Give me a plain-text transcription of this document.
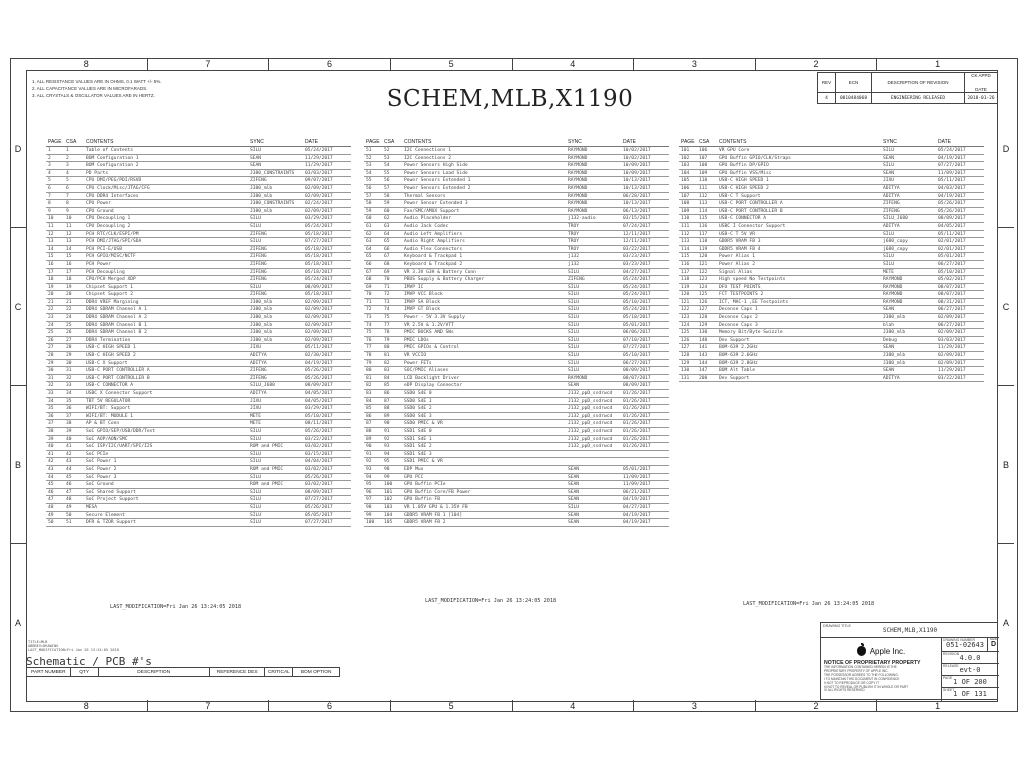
8	7	6	5	4	3	2	1
8	7	6	5	4	3	2	1
D
C
B
A
D
C
B
A
1. ALL RESISTANCE VALUES ARE IN OHMS, 0.1 WATT +/- 5%.
2. ALL CAPACITANCE VALUES ARE IN MICROFARADS.
3. ALL CRYSTALS & OSCILLATOR VALUES ARE IN HERTZ.	SCHEM,MLB,X1190
REV	ECN	DESCRIPTION OF REVISION
CK APPD
DATE
4	0010484068	ENGINEERING RELEASED	2018-01-26
PAGE CSA	CONTENTS	SYNC	DATE
1	1	Table of Contents	SILU	05/24/2017
2	2	BOM Configuration 1	SEAN	11/29/2017
3	3	BOM Configuration 2	SEAN	11/29/2017
4	4	PD Parts	J380_CONSTRAINTS	03/03/2017
5	5	CPU DMI/PEG/PDI/RSVD	ZIFENG	09/07/2017
6	6	CPU Clock/Misc/JTAG/CFG	J380_mlb	02/09/2017
7	7	CPU DDR4 Interfaces	J380_mlb	02/09/2017
8	8	CPU Power	J380_CONSTRAINTS	02/24/2017
9	9	CPU Ground	J380_mlb	02/09/2017
10	10	CPU Decoupling 1	SILU	03/29/2017
11	11	CPU Decoupling 2	SILU	05/24/2017
12	12	PCH RTC/CLK/ESPI/PM	ZIFENG	05/18/2017
13	13	PCH DMI/JTAG/SPI/SDA	SILU	07/27/2017
14	14	PCH PCI-E/USB	ZIFENG	05/18/2017
15	15	PCH GPIO/MISC/NCTF	ZIFENG	05/18/2017
16	16	PCH Power	ZIFENG	05/18/2017
17	17	PCH Decoupling	ZIFENG	05/18/2017
18	18	CPU/PCH Merged XDP	ZIFENG	05/24/2017
19	19	Chipset Support 1	SILU	08/09/2017
20	20	Chipset Support 2	ZIFENG	05/18/2017
21	21	DDR4 VREF Margining	J380_mlb	02/09/2017
22	22	DDR4 SDRAM Channel A 1	J380_mlb	02/09/2017
23	24	DDR4 SDRAM Channel A 2	J380_mlb	02/09/2017
24	25	DDR4 SDRAM Channel B 1	J380_mlb	02/09/2017
25	26	DDR4 SDRAM Channel B 2	J380_mlb	02/09/2017
26	27	DDR4 Termination	J380_mlb	02/09/2017
27	28	USB-C HIGH SPEED 1	JIXU	05/11/2017
28	29	USB-C HIGH SPEED 2	ADITYA	02/30/2017
29	30	USB-C X Support	ADITYA	04/19/2017
30	31	USB-C PORT CONTROLLER A	ZIFENG	05/26/2017
31	32	USB-C PORT CONTROLLER B	ZIFENG	05/26/2017
32	33	USB-C CONNECTOR A	SILU_J680	08/09/2017
33	34	USBC X Connector Support	ADITYA	04/05/2017
34	35	TBT 5V REGULATOR	JIXU	04/05/2017
35	36	WIFI/BT: Support	JIXU	03/29/2017
36	37	WIFI/BT: MODULE 1	METE	05/10/2017
37	38	AP & BT Conn	METE	08/11/2017
38	39	SoC GPIO/SEP/USB/DDR/Test	SILU	05/26/2017
39	40	SoC AOP/AON/SMC	SILU	03/22/2017
40	41	SoC ISP/I2C/UART/SPI/I2S	ROM and PMIC	03/02/2017
41	42	SoC PCIe	SILU	03/15/2017
42	43	SoC Power 1	SILU	04/04/2017
43	44	SoC Power 2	ROM and PMIC	03/02/2017
44	45	SoC Power 3	SILU	05/26/2017
45	46	SoC Ground	ROM and PMIC	03/02/2017
46	47	SoC Shared Support	SILU	08/09/2017
47	48	SoC Project Support	SILU	07/27/2017
48	49	MESA	SILU	05/26/2017
49	50	Secure Element	SILU	05/05/2017
50	51	DFR & TZOR Support	SILU	07/27/2017
PAGE CSA	CONTENTS	SYNC	DATE
51	52	I2C Connections 1	RAYMOND	10/02/2017
52	53	I2C Connections 2	RAYMOND	10/02/2017
53	54	Power Sensors High Side	RAYMOND	10/09/2017
54	55	Power Sensors Load Side	RAYMOND	10/09/2017
55	56	Power Sensors Extended 1	RAYMOND	10/13/2017
56	57	Power Sensors Extended 2	RAYMOND	10/13/2017
57	58	Thermal Sensors	RAYMOND	06/28/2017
58	59	Power Sensor Extended 3	RAYMOND	10/13/2017
59	60	Fan/SMC/AMUX Support	RAYMOND	06/13/2017
60	62	Audio Placeholder	j132-audio	03/15/2017
61	63	Audio Jack Codec	TROY	07/24/2017
62	64	Audio Left Amplifiers	TROY	12/11/2017
63	65	Audio Right Amplifiers	TROY	12/11/2017
64	66	Audio Flex Connectors	TROY	03/22/2017
65	67	Keyboard & Trackpad 1	j132	03/23/2017
66	68	Keyboard & Trackpad 2	j132	03/23/2017
67	69	VR 3.3V G3H & Battery Conn	SILU	04/27/2017
68	70	PBUS Supply & Battery Charger	ZIFENG	05/24/2017
69	71	IMVP IC	SILU	05/24/2017
70	72	IMVP VCC Block	SILU	05/24/2017
71	73	IMVP SA Block	SILU	05/10/2017
72	74	IMVP GT Block	SILU	05/24/2017
73	75	Power - 5V 3.3V Supply	SILU	05/18/2017
74	77	VR 2.5V & 1.2V/VTT	SILU	05/01/2017
75	78	PMIC BUCKS AND SWs	SILU	06/06/2017
76	79	PMIC LDOs	SILU	07/10/2017
77	80	PMIC GPIOs & Control	SILU	07/27/2017
78	81	VR VCCIO	SILU	05/10/2017
79	82	Power FETs	SILU	06/27/2017
80	83	SOC/PMIC Aliases	SILU	08/09/2017
81	84	LCD Backlight Driver	RAYMOND	08/07/2017
82	85	eDP Display Connector	SEAN	08/09/2017
83	86	SSD0 S4E 0	J132_ppD_ssdrwcd	01/26/2017
84	87	SSD0 S4E 1	J132_ppD_ssdrwcd	01/26/2017
85	88	SSD0 S4E 2	J132_ppD_ssdrwcd	01/26/2017
86	89	SSD0 S4E 3	J132_ppD_ssdrwcd	01/26/2017
87	90	SSD0 PMIC & VR	J132_ppD_ssdrwcd	01/26/2017
88	91	SSD1 S4E 0	J132_ppD_ssdrwcd	01/26/2017
89	92	SSD1 S4E 1	J132_ppD_ssdrwcd	01/26/2017
90	93	SSD1 S4E 2	J132_ppD_ssdrwcd	01/26/2017
91	94	SSD1 S4E 3
92	95	SSD1 PMIC & VR
93	98	EDP Mux	SEAN	05/01/2017
94	99	GPU PCC	SEAN	11/09/2017
95	100	GPU Buffin PCIe	SEAN	11/09/2017
96	101	GPU Buffin Core/FB Power	SEAN	06/21/2017
97	102	GPU Buffin FB	SEAN	04/19/2017
98	103	VR 1.05V GPU & 1.35V FB	SILU	04/27/2017
99	104	GDDR5 VRAM FB 1 [104]	SEAN	04/19/2017
100	105	GDDR5 VRAM FB 2	SEAN	04/19/2017
PAGE CSA	CONTENTS	SYNC	DATE
101	106	VR GPU Core	SILU	05/24/2017
102	107	GPU Buffin GPIO/CLK/Straps	SEAN	04/19/2017
103	108	GPU Buffin DP/GPIO	SILU	07/27/2017
104	109	GPU Buffin VSS/Misc	SEAN	11/09/2017
105	110	USB-C HIGH SPEED 1	JIXU	05/11/2017
106	111	USB-C HIGH SPEED 2	ADITYA	04/03/2017
107	112	USB-C T Support	ADITYA	04/19/2017
108	113	USB-C PORT CONTROLLER A	ZIFENG	05/26/2017
109	114	USB-C PORT CONTROLLER B	ZIFENG	05/26/2017
110	115	USB-C CONNECTOR A	SILU_J680	08/09/2017
111	116	USBC I Connector Support	ADITYA	04/05/2017
112	117	USB-C T 5V VR	SILU	05/11/2017
113	118	GDDR5 VRAM FB 3	j680_copy	02/01/2017
114	119	GDDR5 VRAM FB 4	j680_copy	02/01/2017
115	120	Power Alias 1	SILU	05/01/2017
116	121	Power Alias 2	SILU	06/27/2017
117	122	Signal Alias	METE	05/10/2017
118	123	High speed No Testpoints	RAYMOND	05/02/2017
119	124	DFU TEST POINTS	RAYMOND	08/07/2017
120	125	FCT TESTPOINTS 2	RAYMOND	08/07/2017
121	126	ICT, MAC-1 ,EE Testpoints	RAYMOND	08/31/2017
122	127	Decense Caps 1	SEAN	06/27/2017
123	128	Decense Caps 2	J380_mlb	02/09/2017
124	129	Decense Caps 3	blah	06/27/2017
125	130	Memory Bit/Byte Swizzle	J380_mlb	02/09/2017
126	140	Dev Support	Debug	03/03/2017
127	141	BOM-639 2.2GHz	SEAN	11/29/2017
128	143	BOM-639 2.6GHz	J380_mlb	02/09/2017
129	144	BOM-639 2.8GHz	J380_mlb	02/09/2017
130	147	BOM Alt Table	SEAN	11/29/2017
131	200	Dev Support	ADITYA	03/22/2017
LAST_MODIFICATION=Fri Jan 26 13:24:05 2018
LAST_MODIFICATION=Fri Jan 26 13:24:05 2018	LAST_MODIFICATION=Fri Jan 26 13:24:05 2018
TITLE=MLB
ABBREV=DRAWING
LAST_MODIFICATION=Fri Jan 26 13:24:05 2018
Schematic / PCB #'s
PART NUMBER	QTY	DESCRIPTION	REFERENCE DES	CRITICAL	BOM OPTION
DRAWING TITLE
SCHEM,MLB,X1190
Apple Inc.
NOTICE OF PROPRIETARY PROPERTY
THE INFORMATION CONTAINED HEREIN IS THE
PROPRIETARY PROPERTY OF APPLE INC.
THE POSSESSOR AGREES TO THE FOLLOWING:
I TO MAINTAIN THIS DOCUMENT IN CONFIDENCE
II NOT TO REPRODUCE OR COPY IT
III NOT TO REVEAL OR PUBLISH IT IN WHOLE OR PART
IV ALL RIGHTS RESERVED
DRAWING NUMBER
051-02643
SIZE
D
REVISION 4.0.0
RELEASE evt-0
PAGE 1 OF 200
SHEET
1 OF 131
